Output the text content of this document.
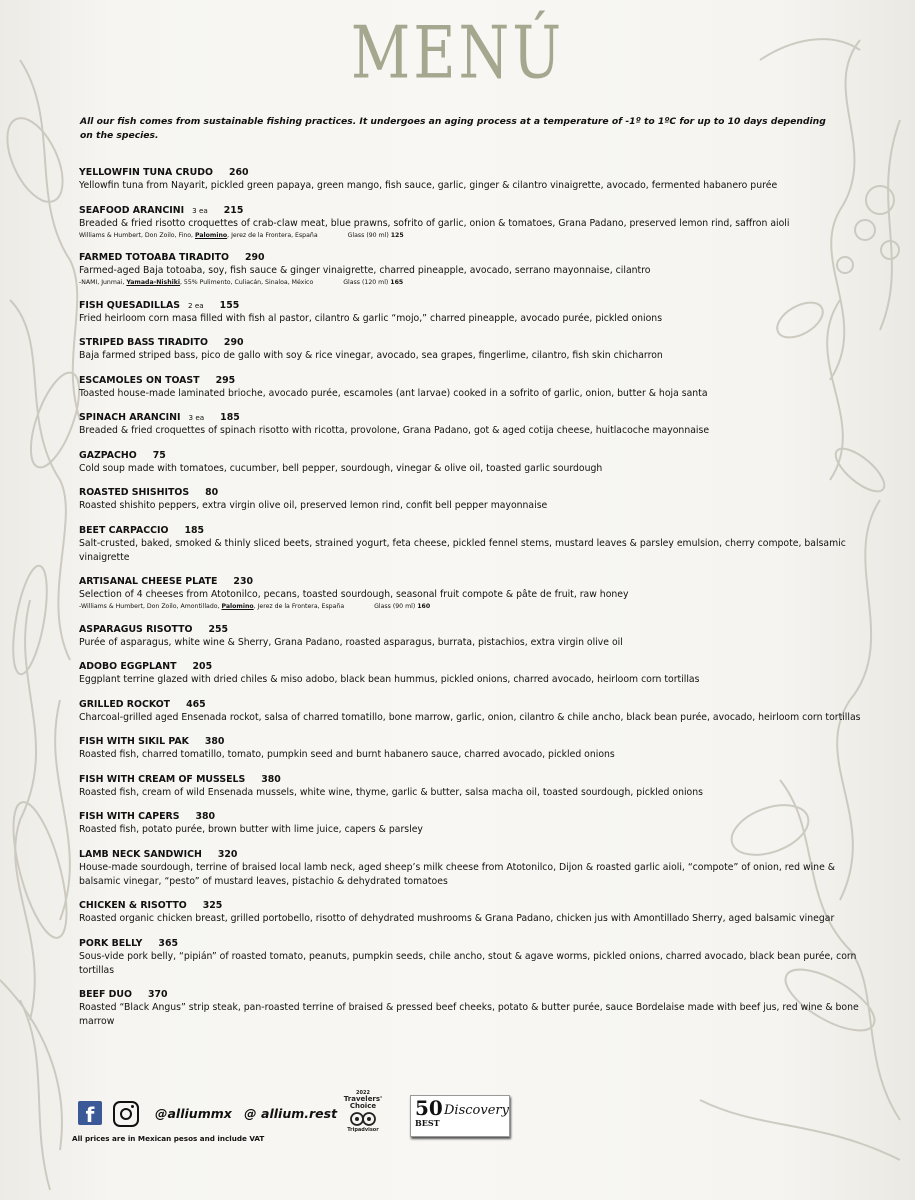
MENÚ
All our fish comes from sustainable fishing practices. It undergoes an aging process at a temperature of -1º to 1ºC for up to 10 days depending on the species.
YELLOWFIN TUNA CRUDO 260
Yellowfin tuna from Nayarit, pickled green papaya, green mango, fish sauce, garlic, ginger & cilantro vinaigrette, avocado, fermented habanero purée
SEAFOOD ARANCINI 3 ea 215
Breaded & fried risotto croquettes of crab-claw meat, blue prawns, sofrito of garlic, onion & tomatoes, Grana Padano, preserved lemon rind, saffron aioli
Williams & Humbert, Don Zoilo, Fino, Palomino, Jerez de la Frontera, España	Glass (90 ml) 125
FARMED TOTOABA TIRADITO 290
Farmed-aged Baja totoaba, soy, fish sauce & ginger vinaigrette, charred pineapple, avocado, serrano mayonnaise, cilantro
-NAMI, Junmai, Yamada-Nishiki, 55% Pulimento, Culiacán, Sinaloa, México	Glass (120 ml) 165
FISH QUESADILLAS 2 ea 155
Fried heirloom corn masa filled with fish al pastor, cilantro & garlic “mojo,” charred pineapple, avocado purée, pickled onions
STRIPED BASS TIRADITO 290
Baja farmed striped bass, pico de gallo with soy & rice vinegar, avocado, sea grapes, fingerlime, cilantro, fish skin chicharron
ESCAMOLES ON TOAST 295
Toasted house-made laminated brioche, avocado purée, escamoles (ant larvae) cooked in a sofrito of garlic, onion, butter & hoja santa
SPINACH ARANCINI 3 ea 185
Breaded & fried croquettes of spinach risotto with ricotta, provolone, Grana Padano, got & aged cotija cheese, huitlacoche mayonnaise
GAZPACHO 75
Cold soup made with tomatoes, cucumber, bell pepper, sourdough, vinegar & olive oil, toasted garlic sourdough
ROASTED SHISHITOS 80
Roasted shishito peppers, extra virgin olive oil, preserved lemon rind, confit bell pepper mayonnaise
BEET CARPACCIO 185
Salt-crusted, baked, smoked & thinly sliced beets, strained yogurt, feta cheese, pickled fennel stems, mustard leaves & parsley emulsion, cherry compote, balsamic vinaigrette
ARTISANAL CHEESE PLATE 230
Selection of 4 cheeses from Atotonilco, pecans, toasted sourdough, seasonal fruit compote & pâte de fruit, raw honey
-Williams & Humbert, Don Zoilo, Amontillado, Palomino, Jerez de la Frontera, España	Glass (90 ml) 160
ASPARAGUS RISOTTO 255
Purée of asparagus, white wine & Sherry, Grana Padano, roasted asparagus, burrata, pistachios, extra virgin olive oil
ADOBO EGGPLANT 205
Eggplant terrine glazed with dried chiles & miso adobo, black bean hummus, pickled onions, charred avocado, heirloom corn tortillas
GRILLED ROCKOT 465
Charcoal-grilled aged Ensenada rockot, salsa of charred tomatillo, bone marrow, garlic, onion, cilantro & chile ancho, black bean purée, avocado, heirloom corn tortillas
FISH WITH SIKIL PAK 380
Roasted fish, charred tomatillo, tomato, pumpkin seed and burnt habanero sauce, charred avocado, pickled onions
FISH WITH CREAM OF MUSSELS 380
Roasted fish, cream of wild Ensenada mussels, white wine, thyme, garlic & butter, salsa macha oil, toasted sourdough, pickled onions
FISH WITH CAPERS 380
Roasted fish, potato purée, brown butter with lime juice, capers & parsley
LAMB NECK SANDWICH 320
House-made sourdough, terrine of braised local lamb neck, aged sheep’s milk cheese from Atotonilco, Dijon & roasted garlic aioli, “compote” of onion, red wine & balsamic vinegar, “pesto” of mustard leaves, pistachio & dehydrated tomatoes
CHICKEN & RISOTTO 325
Roasted organic chicken breast, grilled portobello, risotto of dehydrated mushrooms & Grana Padano, chicken jus with Amontillado Sherry, aged balsamic vinegar
PORK BELLY 365
Sous-vide pork belly, “pipián” of roasted tomato, peanuts, pumpkin seeds, chile ancho, stout & agave worms, pickled onions, charred avocado, black bean purée, corn tortillas
BEEF DUO 370
Roasted “Black Angus” strip steak, pan-roasted terrine of braised & pressed beef cheeks, potato & butter purée, sauce Bordelaise made with beef jus, red wine & bone marrow
f	@alliummx @ allium.rest
All prices are in Mexican pesos and include VAT
2022
Travelers'
Choice
Tripadvisor
50
BEST
Discovery
